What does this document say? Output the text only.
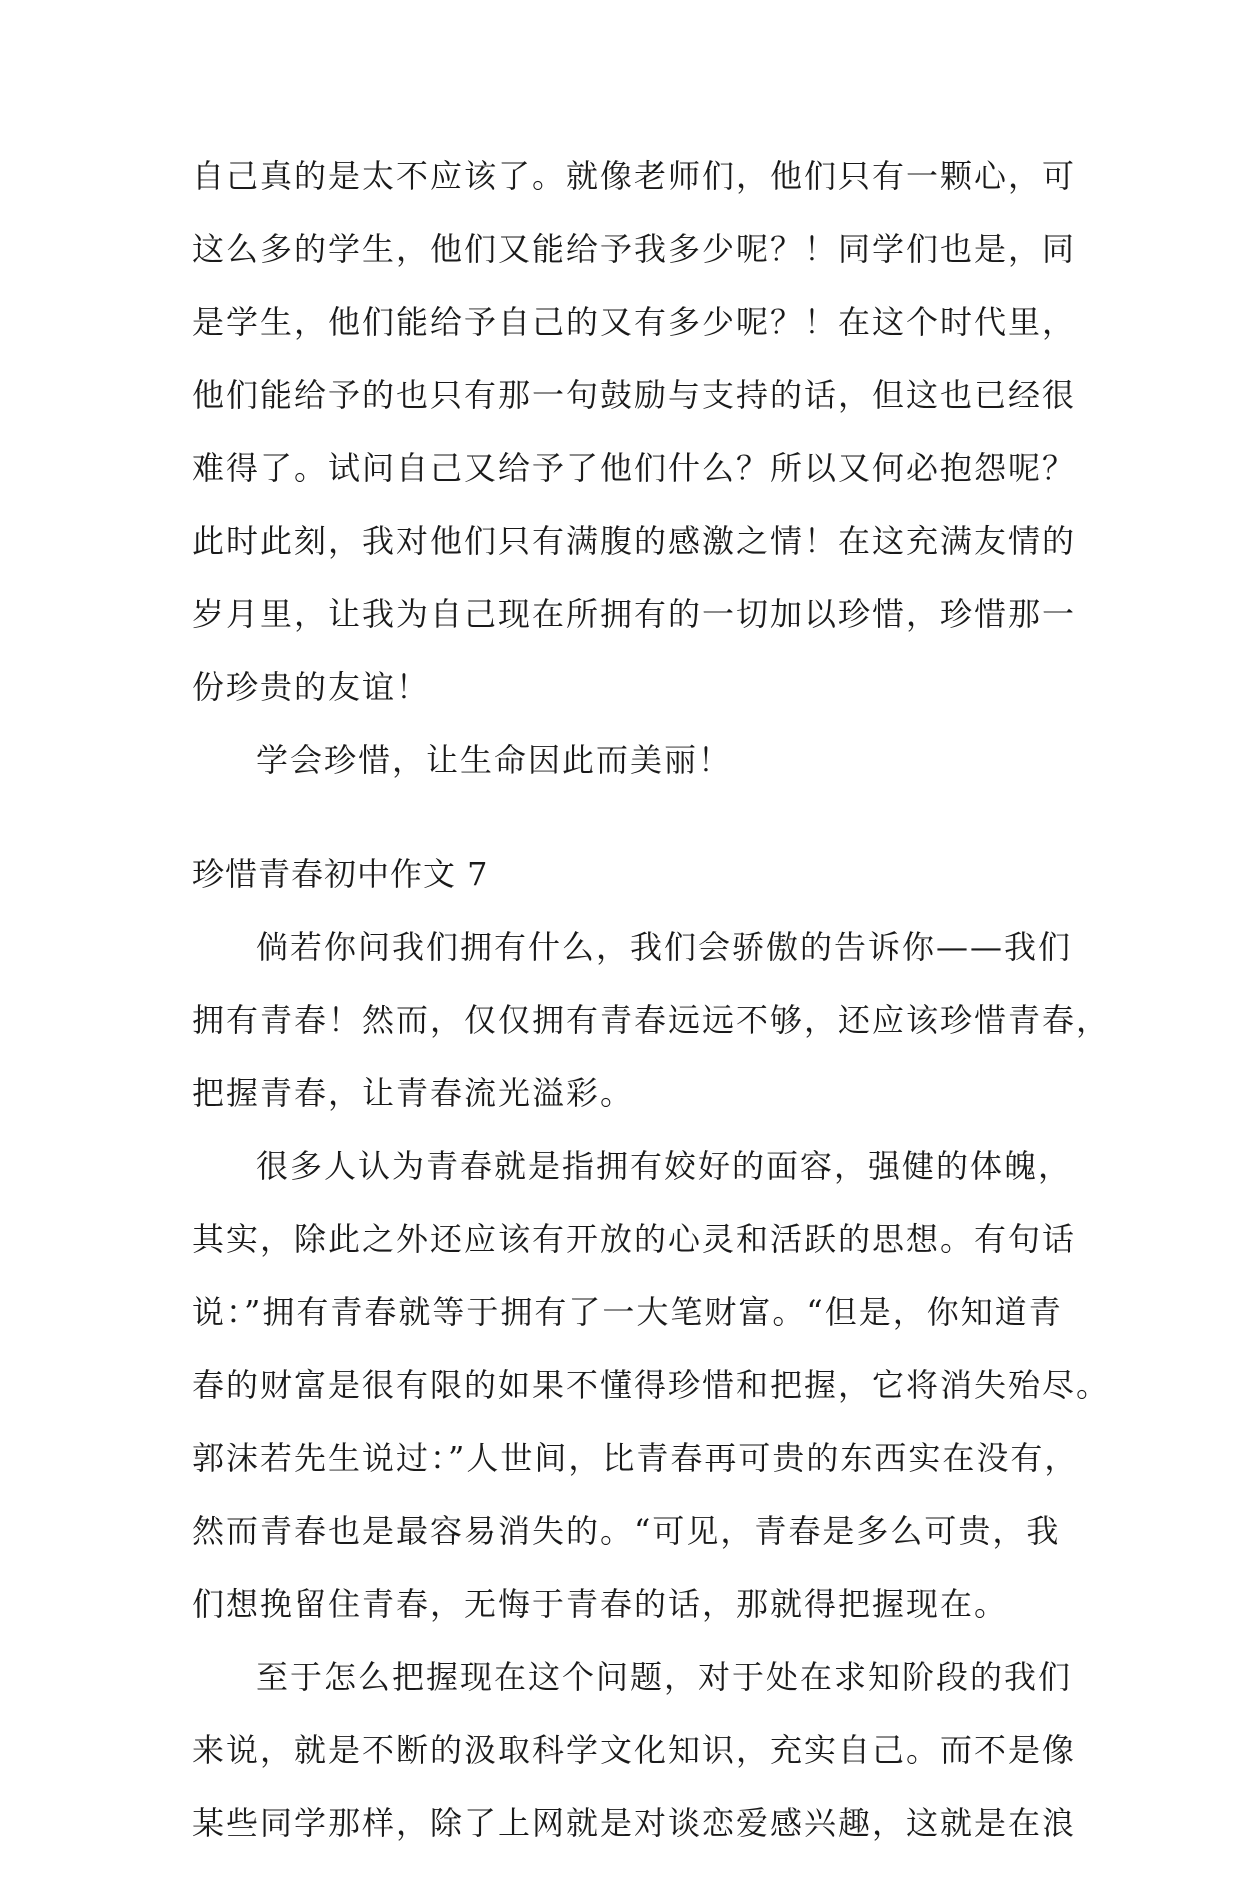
自己真的是太不应该了。就像老师们，他们只有一颗心，可
这么多的学生，他们又能给予我多少呢？！同学们也是，同
是学生，他们能给予自己的又有多少呢？！在这个时代里，
他们能给予的也只有那一句鼓励与支持的话，但这也已经很
难得了。试问自己又给予了他们什么？所以又何必抱怨呢？
此时此刻，我对他们只有满腹的感激之情！在这充满友情的
岁月里，让我为自己现在所拥有的一切加以珍惜，珍惜那一
份珍贵的友谊！
学会珍惜，让生命因此而美丽！
珍惜青春初中作文 7
倘若你问我们拥有什么，我们会骄傲的告诉你——我们
拥有青春！然而，仅仅拥有青春远远不够，还应该珍惜青春，
把握青春，让青春流光溢彩。
很多人认为青春就是指拥有姣好的面容，强健的体魄，
其实，除此之外还应该有开放的心灵和活跃的思想。有句话
说：”拥有青春就等于拥有了一大笔财富。“但是，你知道青
春的财富是很有限的如果不懂得珍惜和把握，它将消失殆尽。
郭沫若先生说过：”人世间，比青春再可贵的东西实在没有，
然而青春也是最容易消失的。“可见，青春是多么可贵，我
们想挽留住青春，无悔于青春的话，那就得把握现在。
至于怎么把握现在这个问题，对于处在求知阶段的我们
来说，就是不断的汲取科学文化知识，充实自己。而不是像
某些同学那样，除了上网就是对谈恋爱感兴趣，这就是在浪
